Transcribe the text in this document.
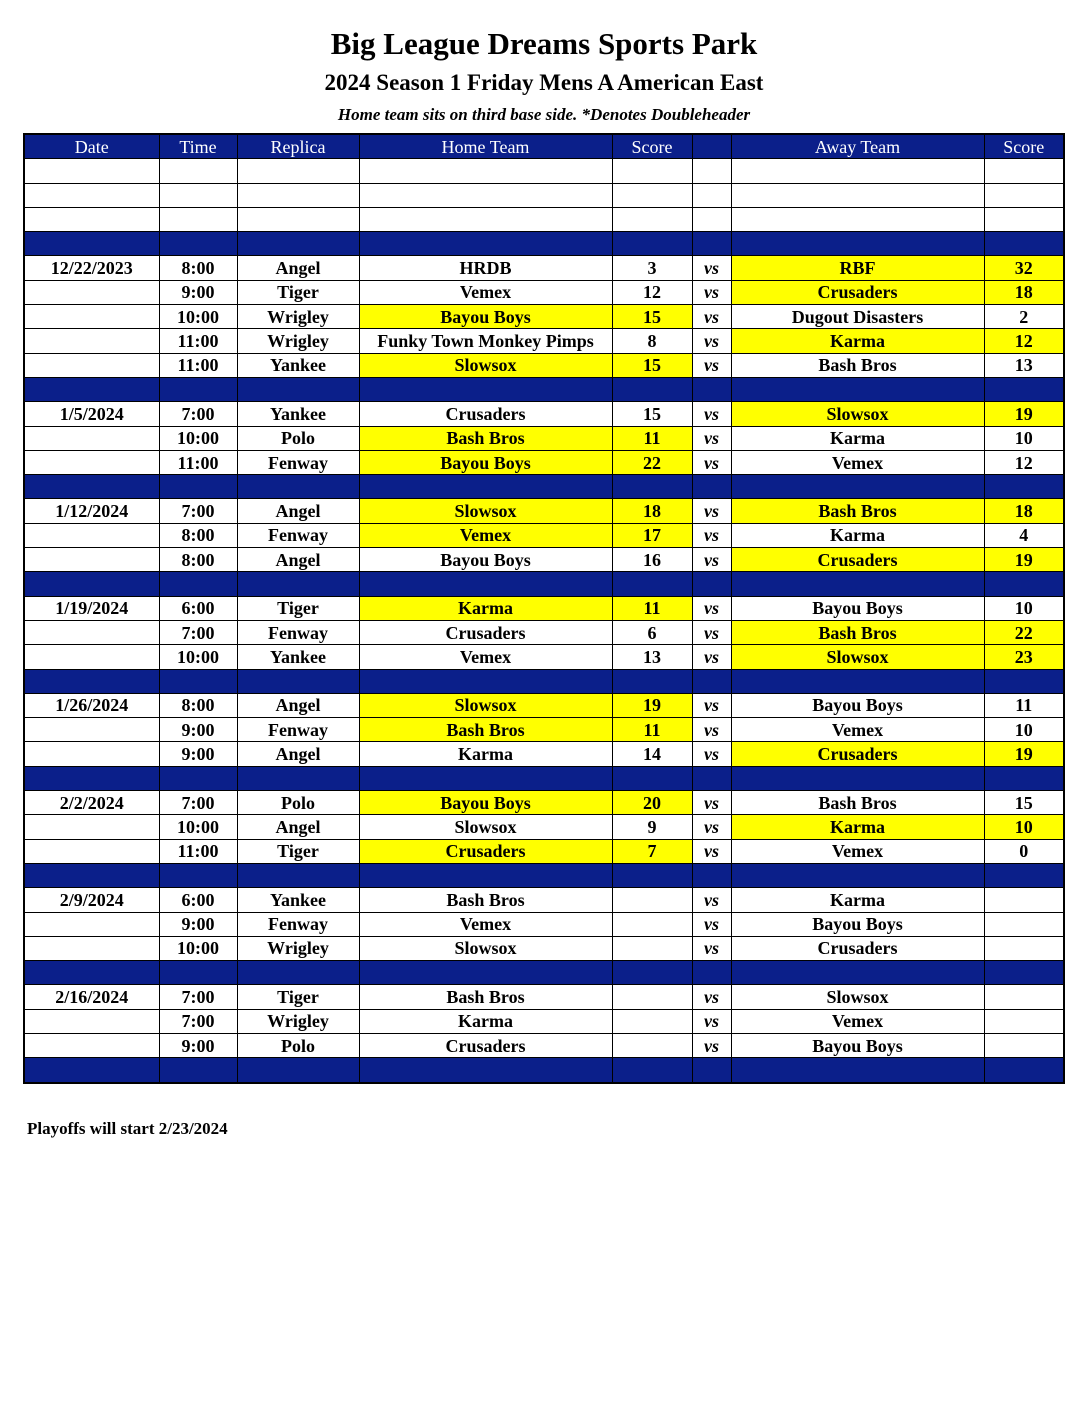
Big League Dreams Sports Park
2024 Season 1 Friday Mens A American East
Home team sits on third base side. *Denotes Doubleheader
Date	Time	Replica	Home Team	Score		Away Team	Score

12/22/2023	8:00	Angel	HRDB	3	vs	RBF	32
	9:00	Tiger	Vemex	12	vs	Crusaders	18
	10:00	Wrigley	Bayou Boys	15	vs	Dugout Disasters	2
	11:00	Wrigley	Funky Town Monkey Pimps	8	vs	Karma	12
	11:00	Yankee	Slowsox	15	vs	Bash Bros	13

1/5/2024	7:00	Yankee	Crusaders	15	vs	Slowsox	19
	10:00	Polo	Bash Bros	11	vs	Karma	10
	11:00	Fenway	Bayou Boys	22	vs	Vemex	12

1/12/2024	7:00	Angel	Slowsox	18	vs	Bash Bros	18
	8:00	Fenway	Vemex	17	vs	Karma	4
	8:00	Angel	Bayou Boys	16	vs	Crusaders	19

1/19/2024	6:00	Tiger	Karma	11	vs	Bayou Boys	10
	7:00	Fenway	Crusaders	6	vs	Bash Bros	22
	10:00	Yankee	Vemex	13	vs	Slowsox	23

1/26/2024	8:00	Angel	Slowsox	19	vs	Bayou Boys	11
	9:00	Fenway	Bash Bros	11	vs	Vemex	10
	9:00	Angel	Karma	14	vs	Crusaders	19

2/2/2024	7:00	Polo	Bayou Boys	20	vs	Bash Bros	15
	10:00	Angel	Slowsox	9	vs	Karma	10
	11:00	Tiger	Crusaders	7	vs	Vemex	0

2/9/2024	6:00	Yankee	Bash Bros		vs	Karma	
	9:00	Fenway	Vemex		vs	Bayou Boys	
	10:00	Wrigley	Slowsox		vs	Crusaders	

2/16/2024	7:00	Tiger	Bash Bros		vs	Slowsox	
	7:00	Wrigley	Karma		vs	Vemex	
	9:00	Polo	Crusaders		vs	Bayou Boys	

Playoffs will start 2/23/2024
